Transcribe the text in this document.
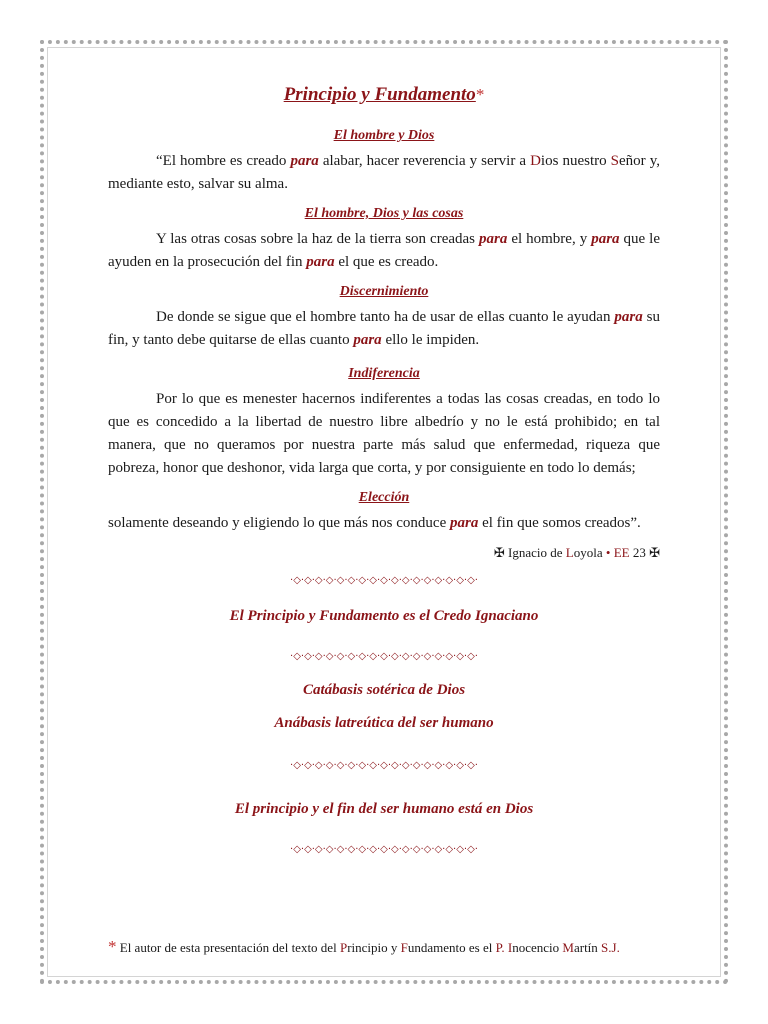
Principio y Fundamento*
El hombre y Dios

“El hombre es creado para alabar, hacer reverencia y servir a Dios nuestro Señor y, mediante esto, salvar su alma.

El hombre, Dios y las cosas

Y las otras cosas sobre la haz de la tierra son creadas para el hombre, y para que le ayuden en la prosecución del fin para el que es creado.

Discernimiento

De donde se sigue que el hombre tanto ha de usar de ellas cuanto le ayudan para su fin, y tanto debe quitarse de ellas cuanto para ello le impiden.

Indiferencia

Por lo que es menester hacernos indiferentes a todas las cosas creadas, en todo lo que es concedido a la libertad de nuestro libre albedrío y no le está prohibido; en tal manera, que no queramos por nuestra parte más salud que enfermedad, riqueza que pobreza, honor que deshonor, vida larga que corta, y por consiguiente en todo lo demás;

Elección

solamente deseando y eligiendo lo que más nos conduce para el fin que somos creados”.

✠ Ignacio de Loyola • EE 23 ✠
·◇·◇·◇·◇·◇·◇·◇·◇·◇·◇·◇·◇·◇·◇·◇·◇·◇·

El Principio y Fundamento es el Credo Ignaciano

·◇·◇·◇·◇·◇·◇·◇·◇·◇·◇·◇·◇·◇·◇·◇·◇·◇·

Catábasis sotérica de Dios

Anábasis latreútica del ser humano

·◇·◇·◇·◇·◇·◇·◇·◇·◇·◇·◇·◇·◇·◇·◇·◇·◇·

El principio y el fin del ser humano está en Dios

·◇·◇·◇·◇·◇·◇·◇·◇·◇·◇·◇·◇·◇·◇·◇·◇·◇·
* El autor de esta presentación del texto del Principio y Fundamento es el P. Inocencio Martín S.J.
